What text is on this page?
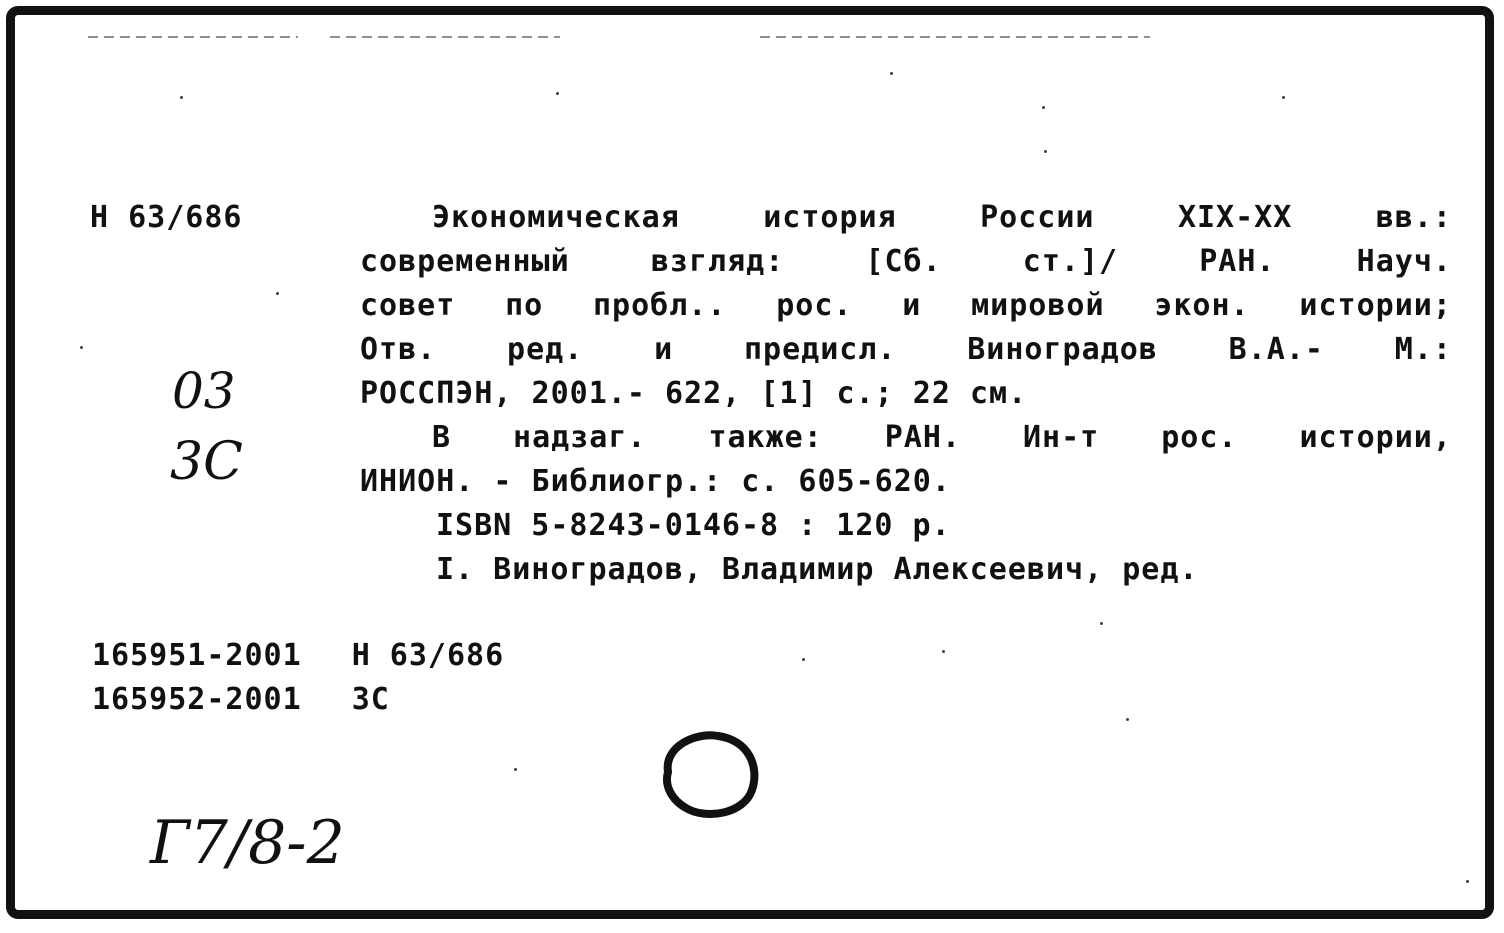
Н 63/686	Экономическая	история	России	XIX-XX	вв.:
современный	взгляд:	[Сб.	ст.]/	РАН.	Науч.
совет по пробл.. рос. и мировой экон. истории;
Отв. ред. и предисл. Виноградов В.А.- М.:
РОССПЭН, 2001.- 622, [1] с.; 22 см.
В надзаг. также: РАН. Ин-т рос. истории,
ИНИОН. - Библиогр.: с. 605-620.
ISBN 5-8243-0146-8 : 120 р.
I. Виноградов, Владимир Алексеевич, ред.
03
3С
165951-2001 Н 63/686
165952-2001 3С
Г7/8-2
